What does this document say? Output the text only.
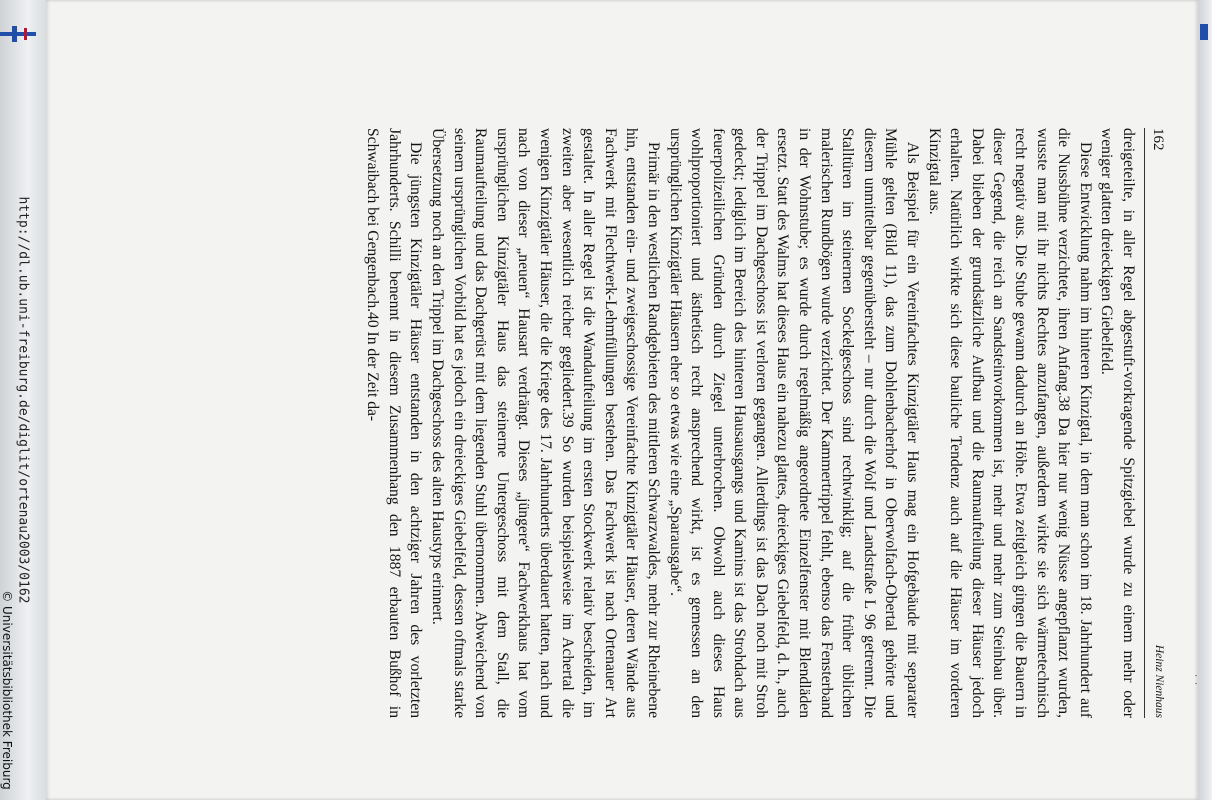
162
Heinz Nienhaus

dreigeteilte, in aller Regel abgestuft-vorkragende Spitzgiebel wurde zu einem mehr oder weniger glatten dreieckigen Giebelfeld.

Diese Entwicklung nahm im hinteren Kinzigtal, in dem man schon im 18. Jahrhundert auf die Nussbühne verzichtete, ihren Anfang.38 Da hier nur wenig Nüsse angepflanzt wurden, wusste man mit ihr nichts Rechtes anzufangen, außerdem wirkte sie sich wärmetechnisch recht negativ aus. Die Stube gewann dadurch an Höhe. Etwa zeitgleich gingen die Bauern in dieser Gegend, die reich an Sandsteinvorkommen ist, mehr und mehr zum Steinbau über. Dabei blieben der grundsätzliche Aufbau und die Raumaufteilung dieser Häuser jedoch erhalten. Natürlich wirkte sich diese bauliche Tendenz auch auf die Häuser im vorderen Kinzigtal aus.

Als Beispiel für ein Vereinfachtes Kinzigtäler Haus mag ein Hofgebäude mit separater Mühle gelten (Bild 11), das zum Dohlenbacherhof in Oberwolfach-Obertal gehörte und diesem unmittelbar gegenübersteht – nur durch die Wolf und Landstraße L 96 getrennt. Die Stalltüren im steinernen Sockelgeschoss sind rechtwinklig; auf die früher üblichen malerischen Rundbögen wurde verzichtet. Der Kammertrippel fehlt, ebenso das Fensterband in der Wohnstube; es wurde durch regelmäßig angeordnete Einzelfenster mit Blendläden ersetzt. Statt des Walms hat dieses Haus ein nahezu glattes, dreieckiges Giebelfeld, d. h., auch der Trippel im Dachgeschoss ist verloren gegangen. Allerdings ist das Dach noch mit Stroh gedeckt; lediglich im Bereich des hinteren Hausausgangs und Kamins ist das Strohdach aus feuerpolizeilichen Gründen durch Ziegel unterbrochen. Obwohl auch dieses Haus wohlproportioniert und ästhetisch recht ansprechend wirkt, ist es gemessen an den ursprünglichen Kinzigtäler Häusern eher so etwas wie eine „Sparausgabe“.

Primär in den westlichen Randgebieten des mittleren Schwarzwaldes, mehr zur Rheinebene hin, entstanden ein- und zweigeschossige Vereinfachte Kinzigtäler Häuser, deren Wände aus Fachwerk mit Flechtwerk-Lehmfüllungen bestehen. Das Fachwerk ist nach Ortenauer Art gestaltet. In aller Regel ist die Wandaufteilung im ersten Stockwerk relativ bescheiden, im zweiten aber wesentlich reicher gegliedert.39 So wurden beispielsweise im Achertal die wenigen Kinzigtäler Häuser, die die Kriege des 17. Jahrhunderts überdauert hatten, nach und nach von dieser „neuen“ Hausart verdrängt. Dieses „jüngere“ Fachwerkhaus hat vom ursprünglichen Kinzigtäler Haus das steinerne Untergeschoss mit dem Stall, die Raumaufteilung und das Dachgerüst mit dem liegenden Stuhl übernommen. Abweichend von seinem ursprünglichen Vorbild hat es jedoch ein dreieckiges Giebelfeld, dessen oftmals starke Übersetzung noch an den Trippel im Dachgeschoss des alten Haustyps erinnert.

Die jüngsten Kinzigtäler Häuser entstanden in den achtziger Jahren des vorletzten Jahrhunderts. Schilli benennt in diesem Zusammenhang den 1887 erbauten Bußhof in Schwaibach bei Gengenbach.40 In der Zeit da-

http://dl.ub.uni-freiburg.de/diglit/ortenau2003/0162
© Universitätsbibliothek Freiburg	· ·
